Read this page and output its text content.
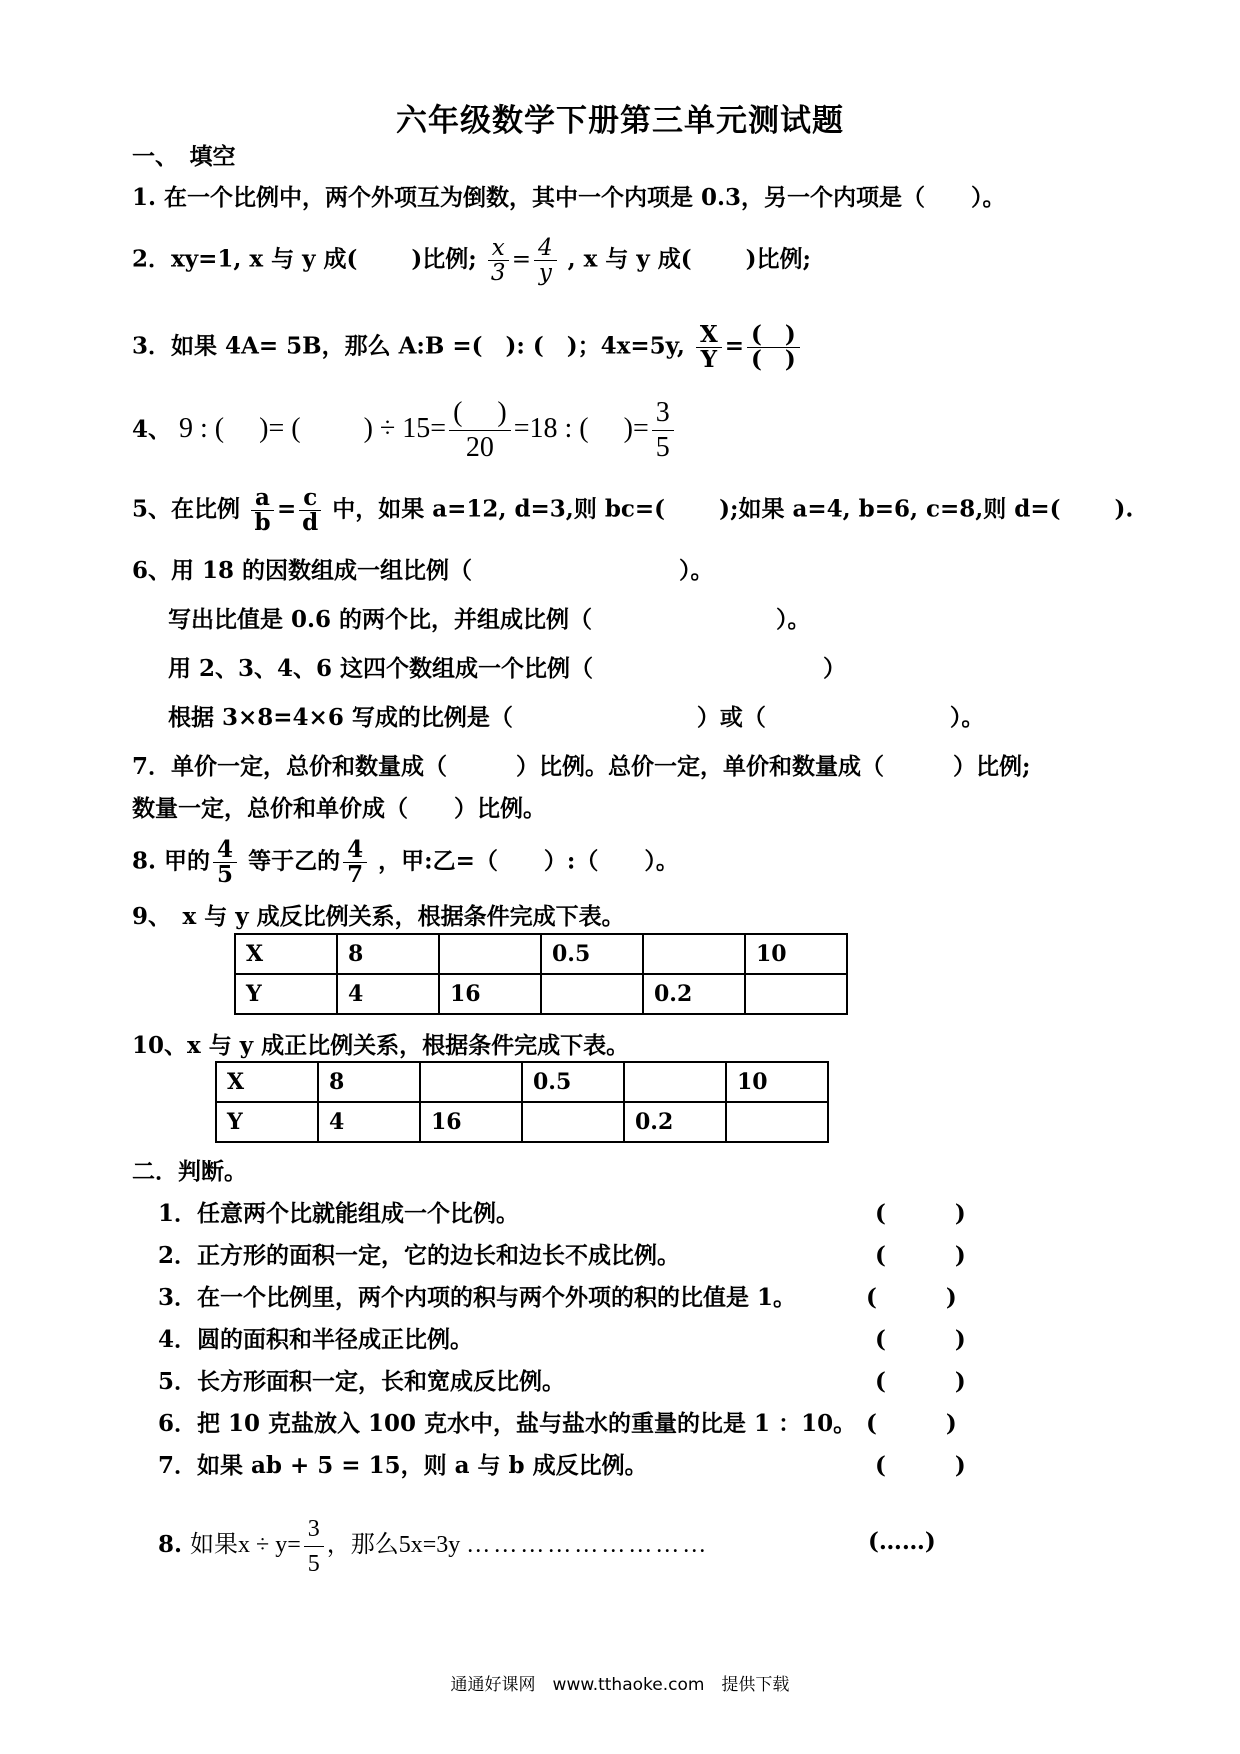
六年级数学下册第三单元测试题
一、　填空
1. 在一个比例中，两个外项互为倒数，其中一个内项是 0.3，另一个内项是（　　）。
2．xy=1, x 与 y 成(　 　)比例; $\frac{x}{3} = \frac{4}{y}$ , x 与 y 成(　 　)比例;
3．如果 4A= 5B，那么 A:B =(　): (　)；4x=5y, $\frac{X}{Y} = \frac{( )}{( )}$
4、 9 : (　 )= (　　 ) ÷ $15= \frac{( )}{20} =18$ : (　 )= $\frac{3}{5}$
5、在比例 $\frac{a}{b} = \frac{c}{d}$ 中，如果 a=12, d=3,则 bc=(　　 );如果 a=4, b=6, c=8,则 d=(　　 ).
6、用 18 的因数组成一组比例（　　　　　　　　　）。
写出比值是 0.6 的两个比，并组成比例（　　　　　　　　）。
用 2、3、4、6 这四个数组成一个比例（　　　　　　　　　　）
根据 3×8=4×6 写成的比例是（　　　　　　　　）或（　　　　　　　　）。
7．单价一定，总价和数量成（　　　）比例。总价一定，单价和数量成（　　　）比例;
数量一定，总价和单价成（　　）比例。
8. 甲的 $\frac{4}{5}$ 等于乙的 $\frac{4}{7}$ ，甲:乙=（　　）:（　　）。
9、　x 与 y 成反比例关系，根据条件完成下表。
X	8		0.5		10
Y	4	16		0.2	
10、x 与 y 成正比例关系，根据条件完成下表。
X	8		0.5		10
Y	4	16		0.2	
二．判断。
1．任意两个比就能组成一个比例。	(　　　)
2．正方形的面积一定，它的边长和边长不成比例。	(　　　)
3．在一个比例里，两个内项的积与两个外项的积的比值是 1。	(　　　)
4．圆的面积和半径成正比例。	(　　　)
5．长方形面积一定，长和宽成反比例。	(　　　)
6．把 10 克盐放入 100 克水中，盐与盐水的重量的比是 1 ：10。 (　　　)
7．如果 ab + 5 = 15，则 a 与 b 成反比例。	(　　　)
8. 如果$x \div y= \frac{3}{5}$ ，那么5x=3y ………………………	(……)
通通好课网　www.tthaoke.com　提供下载
